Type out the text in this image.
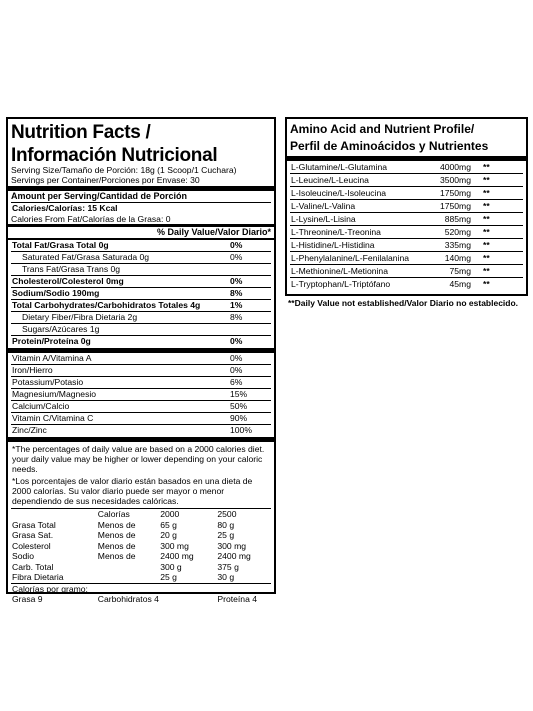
Nutrition Facts /
Información Nutricional
Serving Size/Tamaño de Porción: 18g (1 Scoop/1 Cuchara)
Servings per Container/Porciones por Envase: 30
Amount per Serving/Cantidad de Porción
Calories/Calorías: 15 Kcal
Calories From Fat/Calorías de la Grasa: 0
% Daily Value/Valor Diario*
Total Fat/Grasa Total 0g	0%
Saturated Fat/Grasa Saturada 0g	0%
Trans Fat/Grasa Trans 0g
Cholesterol/Colesterol 0mg	0%
Sodium/Sodio 190mg	8%
Total Carbohydrates/Carbohidratos Totales 4g	1%
Dietary Fiber/Fibra Dietaria 2g	8%
Sugars/Azúcares 1g
Protein/Proteína 0g	0%
Vitamin A/Vitamina A	0%
Iron/Hierro	0%
Potassium/Potasio	6%
Magnesium/Magnesio	15%
Calcium/Calcio	50%
Vitamin C/Vitamina C	90%
Zinc/Zinc	100%
*The percentages of daily value are based on a 2000 calories diet. your daily value may be higher or lower depending on your caloric needs.
*Los porcentajes de valor diario están basados en una dieta de 2000 calorías. Su valor diario puede ser mayor o menor dependiendo de sus necesidades calóricas.
	Calorías	2000	2500
Grasa Total	Menos de	65 g	80 g
Grasa Sat.	Menos de	20 g	25 g
Colesterol	Menos de	300 mg	300 mg
Sodio	Menos de	2400 mg	2400 mg
Carb. Total		300 g	375 g
Fibra Dietaria		25 g	30 g
Calorías por gramo:			
Grasa 9	Carbohidratos 4		Proteína 4
Amino Acid and Nutrient Profile/
Perfil de Aminoácidos y Nutrientes
L-Glutamine/L-Glutamina	4000mg	**
L-Leucine/L-Leucina	3500mg	**
L-Isoleucine/L-Isoleucina	1750mg	**
L-Valine/L-Valina	1750mg	**
L-Lysine/L-Lisina	885mg	**
L-Threonine/L-Treonina	520mg	**
L-Histidine/L-Histidina	335mg	**
L-Phenylalanine/L-Fenilalanina	140mg	**
L-Methionine/L-Metionina	75mg	**
L-Tryptophan/L-Triptófano	45mg	**
**Daily Value not established/Valor Diario no establecido.
